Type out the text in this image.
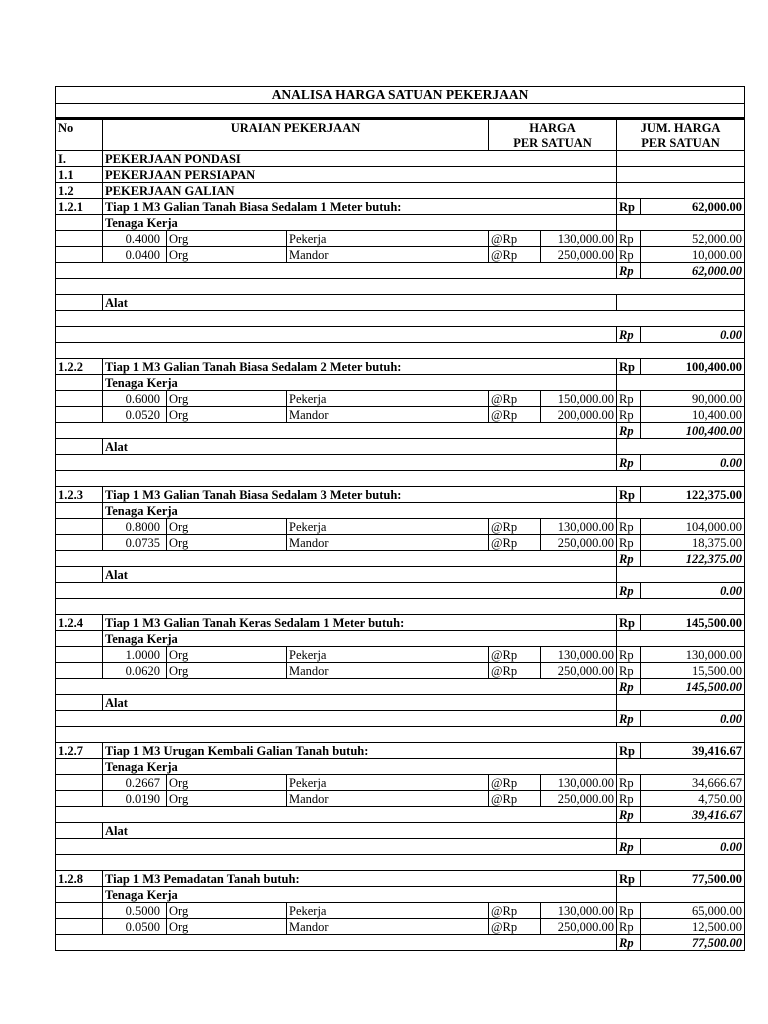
ANALISA HARGA SATUAN PEKERJAAN							

No	URAIAN PEKERJAAN			HARGA		JUM. HARGA	
				PER SATUAN		PER SATUAN	
I.	PEKERJAAN PONDASI						
1.1	PEKERJAAN PERSIAPAN						
1.2	PEKERJAAN GALIAN						
1.2.1	Tiap 1 M3 Galian Tanah Biasa Sedalam 1 Meter butuh:					Rp	62,000.00
	Tenaga Kerja						
	0.4000	Org	Pekerja	@Rp	130,000.00	Rp	52,000.00
	0.0400	Org	Mandor	@Rp	250,000.00	Rp	10,000.00
						Rp	62,000.00

	Alat						

						Rp	0.00

1.2.2	Tiap 1 M3 Galian Tanah Biasa Sedalam 2 Meter butuh:					Rp	100,400.00
	Tenaga Kerja						
	0.6000	Org	Pekerja	@Rp	150,000.00	Rp	90,000.00
	0.0520	Org	Mandor	@Rp	200,000.00	Rp	10,400.00
						Rp	100,400.00
	Alat						
						Rp	0.00

1.2.3	Tiap 1 M3 Galian Tanah Biasa Sedalam 3 Meter butuh:					Rp	122,375.00
	Tenaga Kerja						
	0.8000	Org	Pekerja	@Rp	130,000.00	Rp	104,000.00
	0.0735	Org	Mandor	@Rp	250,000.00	Rp	18,375.00
						Rp	122,375.00
	Alat						
						Rp	0.00

1.2.4	Tiap 1 M3 Galian Tanah Keras Sedalam 1 Meter butuh:					Rp	145,500.00
	Tenaga Kerja						
	1.0000	Org	Pekerja	@Rp	130,000.00	Rp	130,000.00
	0.0620	Org	Mandor	@Rp	250,000.00	Rp	15,500.00
						Rp	145,500.00
	Alat						
						Rp	0.00

1.2.7	Tiap 1 M3 Urugan Kembali Galian Tanah butuh:					Rp	39,416.67
	Tenaga Kerja						
	0.2667	Org	Pekerja	@Rp	130,000.00	Rp	34,666.67
	0.0190	Org	Mandor	@Rp	250,000.00	Rp	4,750.00
						Rp	39,416.67
	Alat						
						Rp	0.00

1.2.8	Tiap 1 M3 Pemadatan Tanah butuh:					Rp	77,500.00
	Tenaga Kerja						
	0.5000	Org	Pekerja	@Rp	130,000.00	Rp	65,000.00
	0.0500	Org	Mandor	@Rp	250,000.00	Rp	12,500.00
						Rp	77,500.00
